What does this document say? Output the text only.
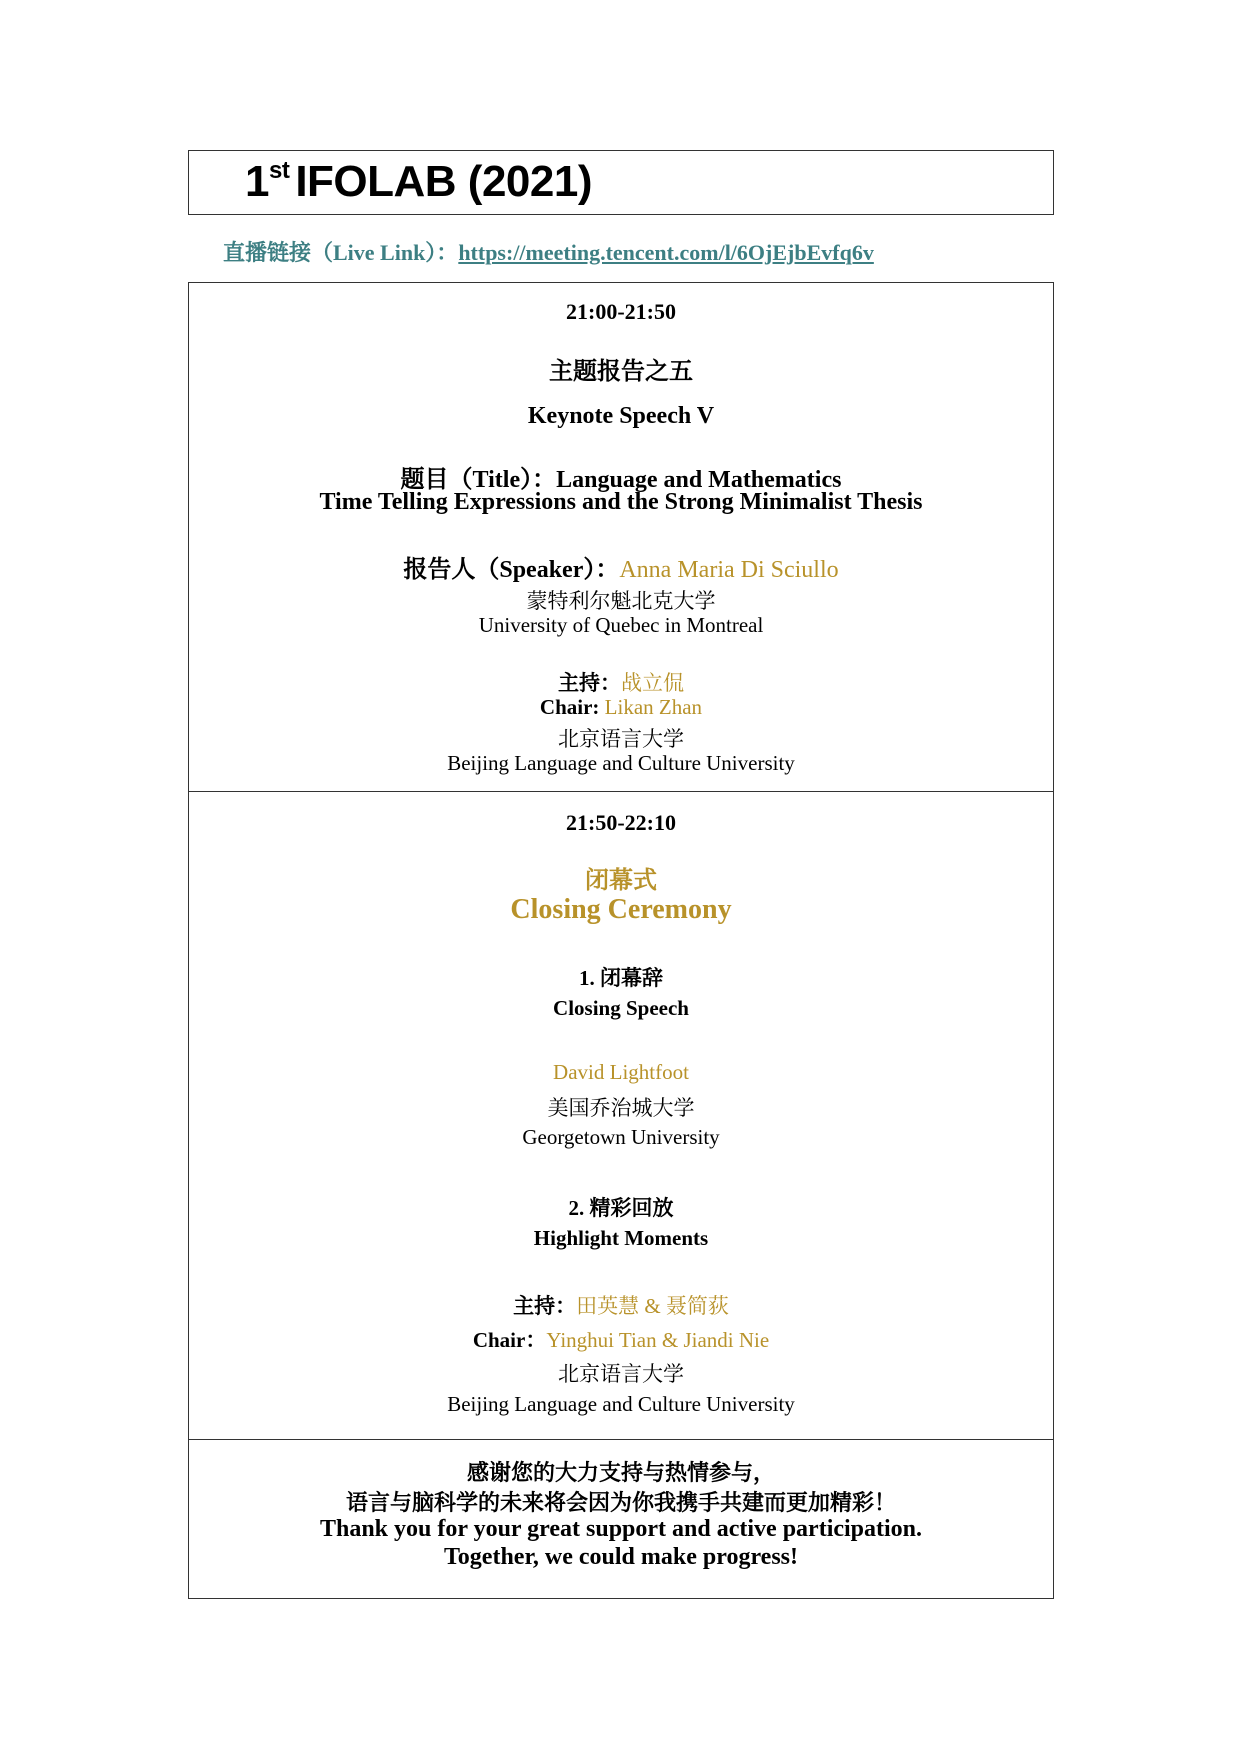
1st IFOLAB (2021)
直播链接（Live Link）：https://meeting.tencent.com/l/6OjEjbEvfq6v
21:00-21:50
主题报告之五
Keynote Speech V
题目（Title）：Language and Mathematics
Time Telling Expressions and the Strong Minimalist Thesis
报告人（Speaker）：Anna Maria Di Sciullo
蒙特利尔魁北克大学
University of Quebec in Montreal
主持：战立侃
Chair: Likan Zhan
北京语言大学
Beijing Language and Culture University
21:50-22:10
闭幕式
Closing Ceremony
1. 闭幕辞
Closing Speech
David Lightfoot
美国乔治城大学
Georgetown University
2. 精彩回放
Highlight Moments
主持：田英慧 & 聂简荻
Chair：Yinghui Tian & Jiandi Nie
北京语言大学
Beijing Language and Culture University
感谢您的大力支持与热情参与，
语言与脑科学的未来将会因为你我携手共建而更加精彩！
Thank you for your great support and active participation.
Together, we could make progress!
